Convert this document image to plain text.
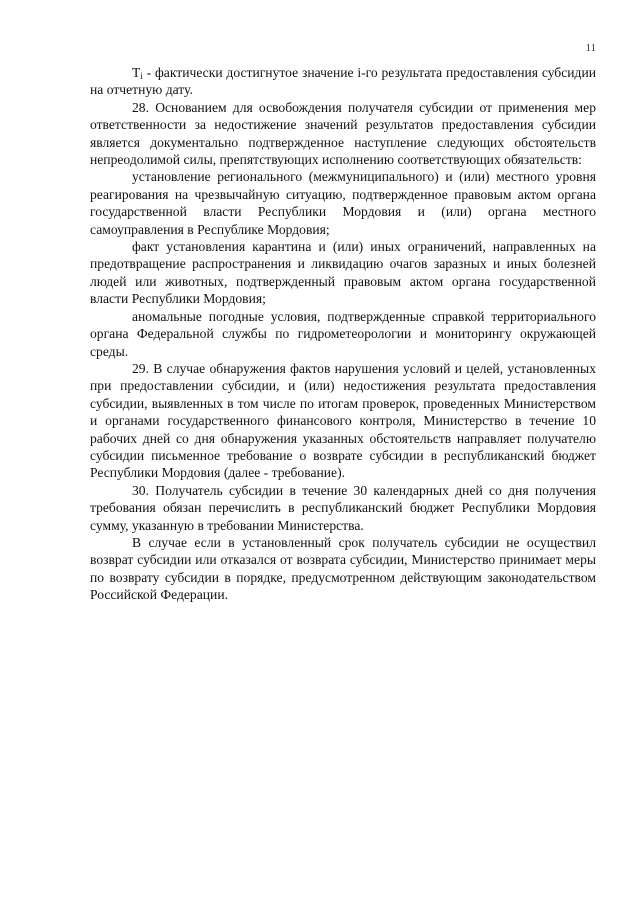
11

$T_i$ - фактически достигнутое значение i-го результата предоставления субсидии на отчетную дату.

28. Основанием для освобождения получателя субсидии от применения мер ответственности за недостижение значений результатов предоставления субсидии является документально подтвержденное наступление следующих обстоятельств непреодолимой силы, препятствующих исполнению соответствующих обязательств:

установление регионального (межмуниципального) и (или) местного уровня реагирования на чрезвычайную ситуацию, подтвержденное правовым актом органа государственной власти Республики Мордовия и (или) органа местного самоуправления в Республике Мордовия;

факт установления карантина и (или) иных ограничений, направленных на предотвращение распространения и ликвидацию очагов заразных и иных болезней людей или животных, подтвержденный правовым актом органа государственной власти Республики Мордовия;

аномальные погодные условия, подтвержденные справкой территориального органа Федеральной службы по гидрометеорологии и мониторингу окружающей среды.

29. В случае обнаружения фактов нарушения условий и целей, установленных при предоставлении субсидии, и (или) недостижения результата предоставления субсидии, выявленных в том числе по итогам проверок, проведенных Министерством и органами государственного финансового контроля, Министерство в течение 10 рабочих дней со дня обнаружения указанных обстоятельств направляет получателю субсидии письменное требование о возврате субсидии в республиканский бюджет Республики Мордовия (далее - требование).

30. Получатель субсидии в течение 30 календарных дней со дня получения требования обязан перечислить в республиканский бюджет Республики Мордовия сумму, указанную в требовании Министерства.

В случае если в установленный срок получатель субсидии не осуществил возврат субсидии или отказался от возврата субсидии, Министерство принимает меры по возврату субсидии в порядке, предусмотренном действующим законодательством Российской Федерации.
